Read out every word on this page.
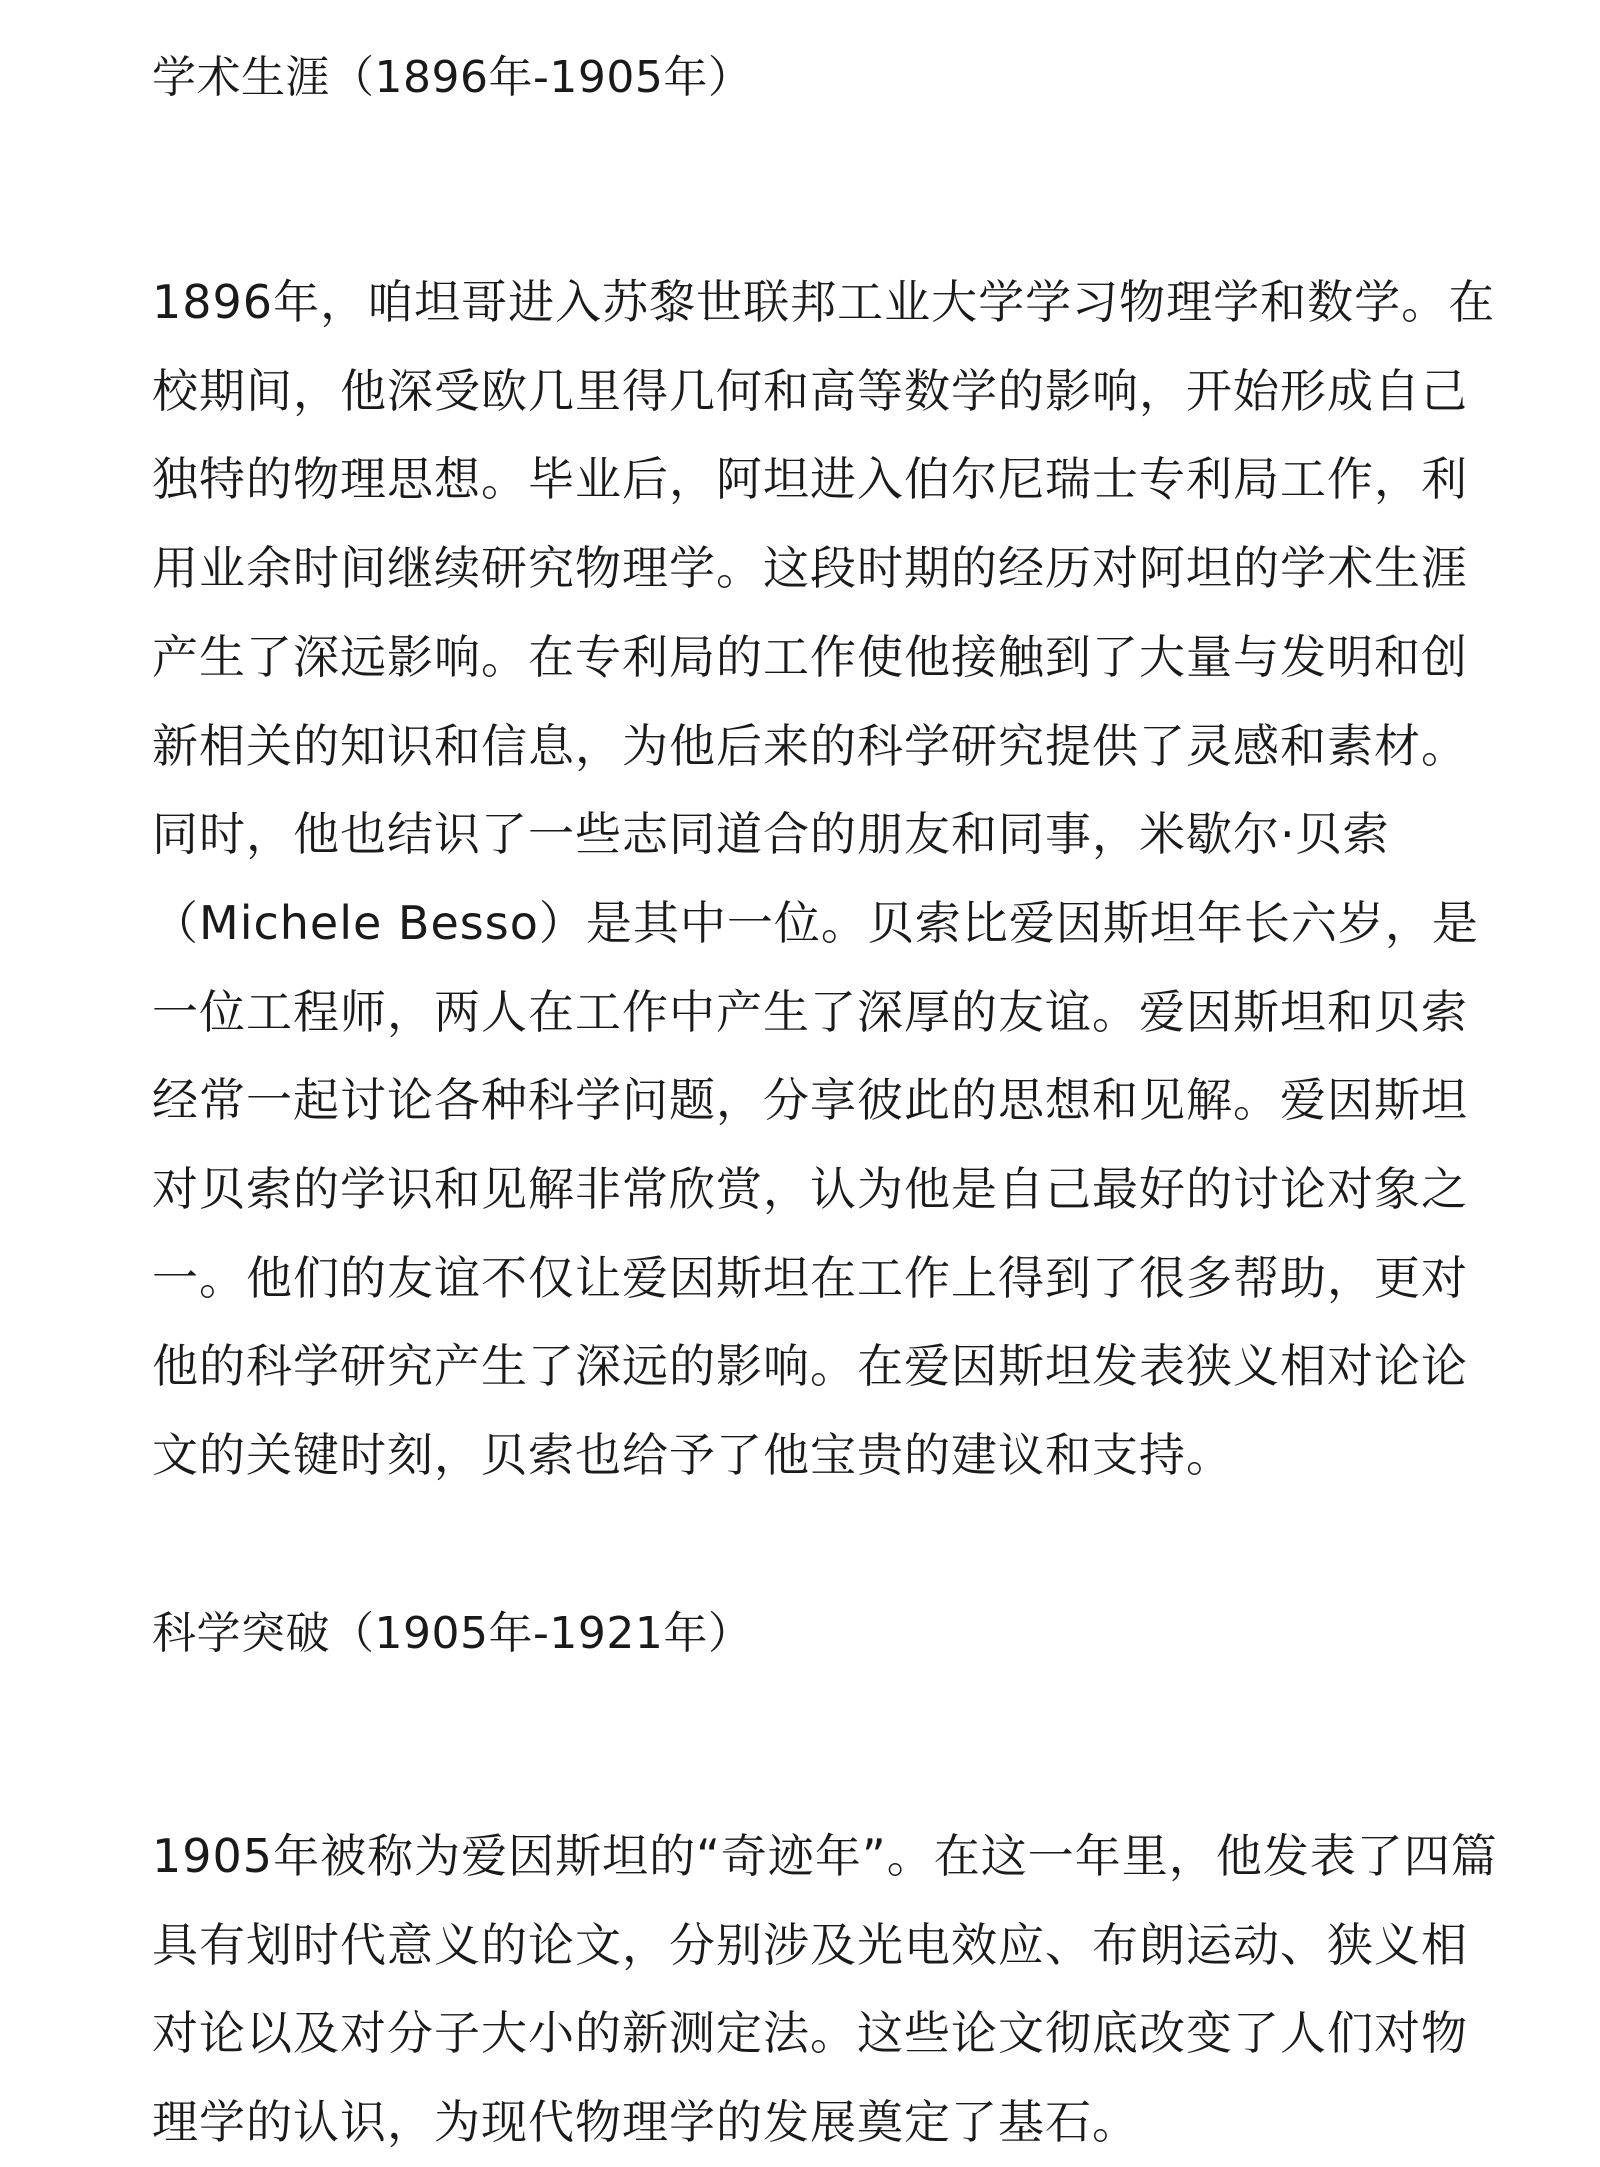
学术生涯（1896年-1905年）
1896年，咱坦哥进入苏黎世联邦工业大学学习物理学和数学。在
校期间，他深受欧几里得几何和高等数学的影响，开始形成自己
独特的物理思想。毕业后，阿坦进入伯尔尼瑞士专利局工作，利
用业余时间继续研究物理学。这段时期的经历对阿坦的学术生涯
产生了深远影响。在专利局的工作使他接触到了大量与发明和创
新相关的知识和信息，为他后来的科学研究提供了灵感和素材。
同时，他也结识了一些志同道合的朋友和同事，米歇尔·贝索
（Michele Besso）是其中一位。贝索比爱因斯坦年长六岁，是
一位工程师，两人在工作中产生了深厚的友谊。爱因斯坦和贝索
经常一起讨论各种科学问题，分享彼此的思想和见解。爱因斯坦
对贝索的学识和见解非常欣赏，认为他是自己最好的讨论对象之
一。他们的友谊不仅让爱因斯坦在工作上得到了很多帮助，更对
他的科学研究产生了深远的影响。在爱因斯坦发表狭义相对论论
文的关键时刻，贝索也给予了他宝贵的建议和支持。
科学突破（1905年-1921年）
1905年被称为爱因斯坦的“奇迹年”。在这一年里，他发表了四篇
具有划时代意义的论文，分别涉及光电效应、布朗运动、狭义相
对论以及对分子大小的新测定法。这些论文彻底改变了人们对物
理学的认识，为现代物理学的发展奠定了基石。
